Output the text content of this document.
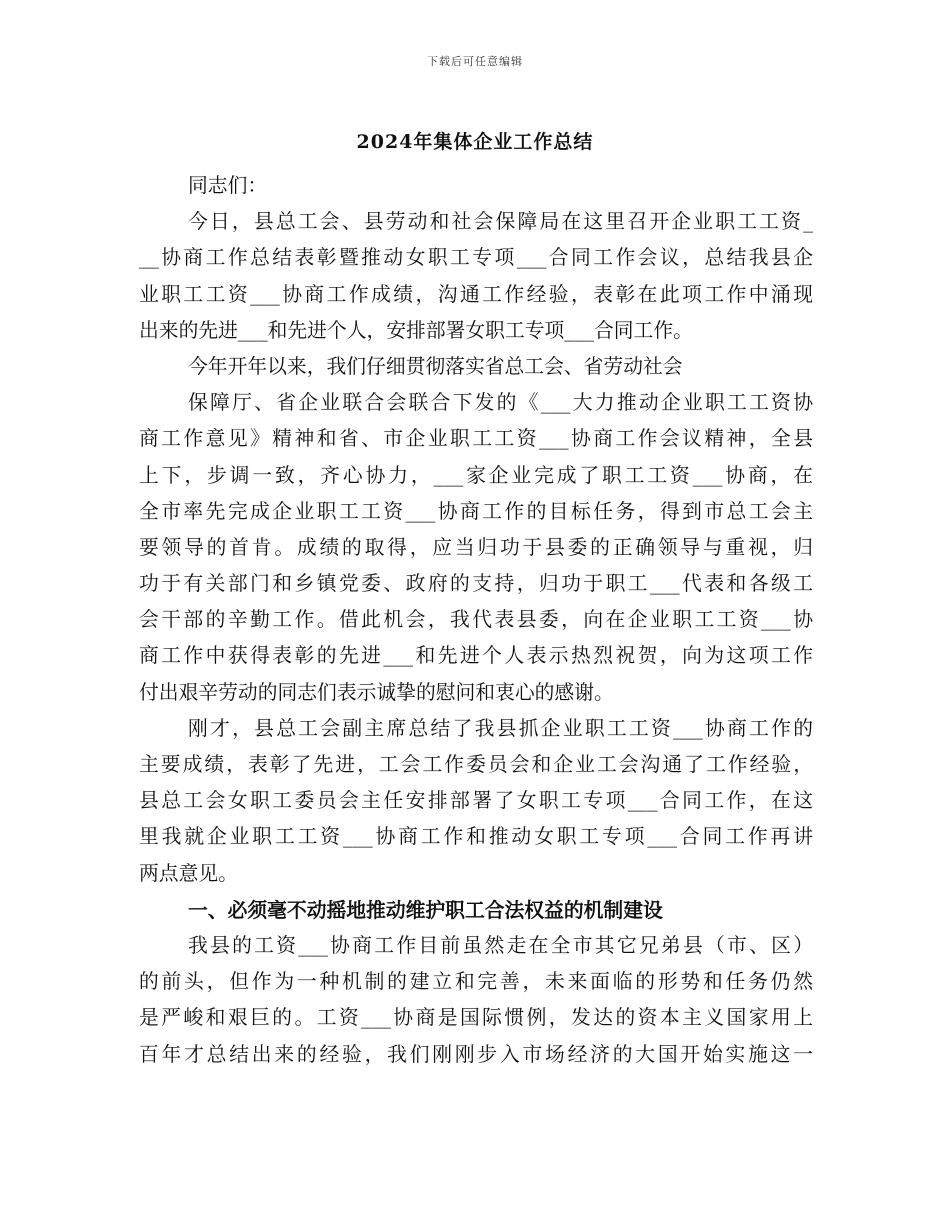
下载后可任意编辑
2024年集体企业工作总结
同志们：
今日，县总工会、县劳动和社会保障局在这里召开企业职工工资_
__协商工作总结表彰暨推动女职工专项___合同工作会议，总结我县企
业职工工资___协商工作成绩，沟通工作经验，表彰在此项工作中涌现
出来的先进___和先进个人，安排部署女职工专项___合同工作。
今年开年以来，我们仔细贯彻落实省总工会、省劳动社会
保障厅、省企业联合会联合下发的《___大力推动企业职工工资协
商工作意见》精神和省、市企业职工工资___协商工作会议精神，全县
上下，步调一致，齐心协力，___家企业完成了职工工资___协商，在
全市率先完成企业职工工资___协商工作的目标任务，得到市总工会主
要领导的首肯。成绩的取得，应当归功于县委的正确领导与重视，归
功于有关部门和乡镇党委、政府的支持，归功于职工___代表和各级工
会干部的辛勤工作。借此机会，我代表县委，向在企业职工工资___协
商工作中获得表彰的先进___和先进个人表示热烈祝贺，向为这项工作
付出艰辛劳动的同志们表示诚挚的慰问和衷心的感谢。
刚才，县总工会副主席总结了我县抓企业职工工资___协商工作的
主要成绩，表彰了先进，工会工作委员会和企业工会沟通了工作经验，
县总工会女职工委员会主任安排部署了女职工专项___合同工作，在这
里我就企业职工工资___协商工作和推动女职工专项___合同工作再讲
两点意见。
一、必须毫不动摇地推动维护职工合法权益的机制建设
我县的工资___协商工作目前虽然走在全市其它兄弟县（市、区）
的前头，但作为一种机制的建立和完善，未来面临的形势和任务仍然
是严峻和艰巨的。工资___协商是国际惯例，发达的资本主义国家用上
百年才总结出来的经验，我们刚刚步入市场经济的大国开始实施这一
